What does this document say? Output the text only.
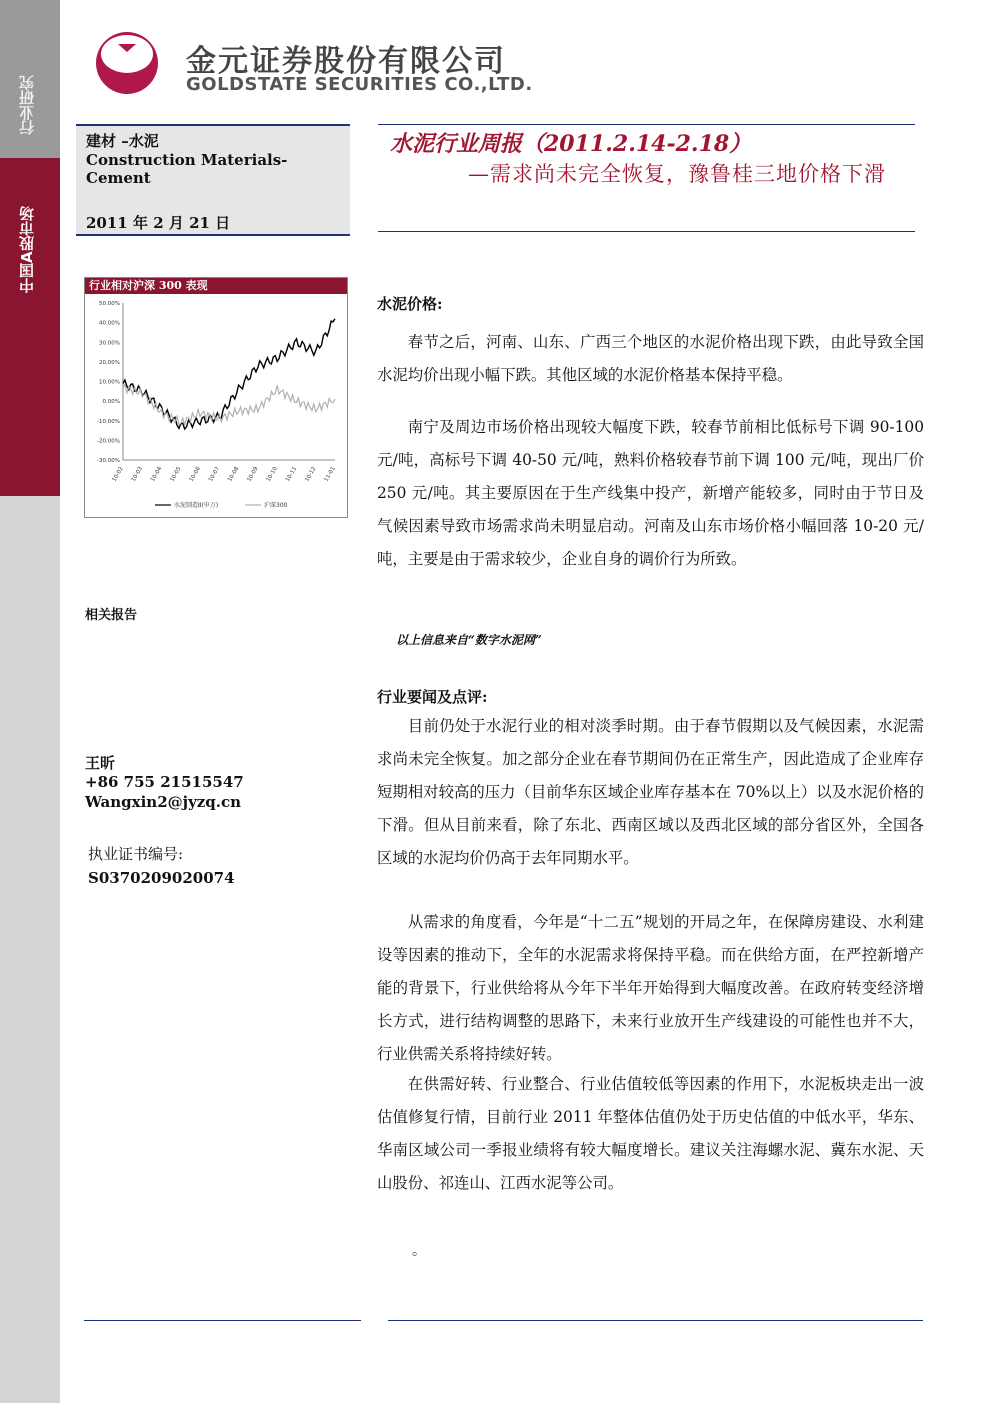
行业研究
中国A股市场
金元证券股份有限公司
GOLDSTATE SECURITIES CO.,LTD.
建材 –水泥
Construction Materials-Cement
2011 年 2 月 21 日
水泥行业周报（2011.2.14-2.18）
—需求尚未完全恢复，豫鲁桂三地价格下滑
行业相对沪深 300 表现
50.00%
40.00%
30.00%
20.00%
10.00%
0.00%
-10.00%
-20.00%
-30.00%
10-02 10-03 10-04 10-05 10-06 10-07 10-08 10-09 10-10 10-11 10-12 11-01
水泥制造II(申万)	沪深300
相关报告
王昕
+86 755 21515547
Wangxin2@jyzq.cn
执业证书编号:
S0370209020074
水泥价格:

春节之后，河南、山东、广西三个地区的水泥价格出现下跌，由此导致全国水泥均价出现小幅下跌。其他区域的水泥价格基本保持平稳。

南宁及周边市场价格出现较大幅度下跌，较春节前相比低标号下调 90-100 元/吨，高标号下调 40-50 元/吨，熟料价格较春节前下调 100 元/吨，现出厂价 250 元/吨。其主要原因在于生产线集中投产，新增产能较多，同时由于节日及气候因素导致市场需求尚未明显启动。河南及山东市场价格小幅回落 10-20 元/吨，主要是由于需求较少，企业自身的调价行为所致。

以上信息来自“数字水泥网”
行业要闻及点评:

目前仍处于水泥行业的相对淡季时期。由于春节假期以及气候因素，水泥需求尚未完全恢复。加之部分企业在春节期间仍在正常生产，因此造成了企业库存短期相对较高的压力（目前华东区域企业库存基本在 70%以上）以及水泥价格的下滑。但从目前来看，除了东北、西南区域以及西北区域的部分省区外，全国各区域的水泥均价仍高于去年同期水平。

从需求的角度看，今年是“十二五”规划的开局之年，在保障房建设、水利建设等因素的推动下，全年的水泥需求将保持平稳。而在供给方面，在严控新增产能的背景下，行业供给将从今年下半年开始得到大幅度改善。在政府转变经济增长方式，进行结构调整的思路下，未来行业放开生产线建设的可能性也并不大，行业供需关系将持续好转。

在供需好转、行业整合、行业估值较低等因素的作用下，水泥板块走出一波估值修复行情，目前行业 2011 年整体估值仍处于历史估值的中低水平，华东、华南区域公司一季报业绩将有较大幅度增长。建议关注海螺水泥、冀东水泥、天山股份、祁连山、江西水泥等公司。

。
